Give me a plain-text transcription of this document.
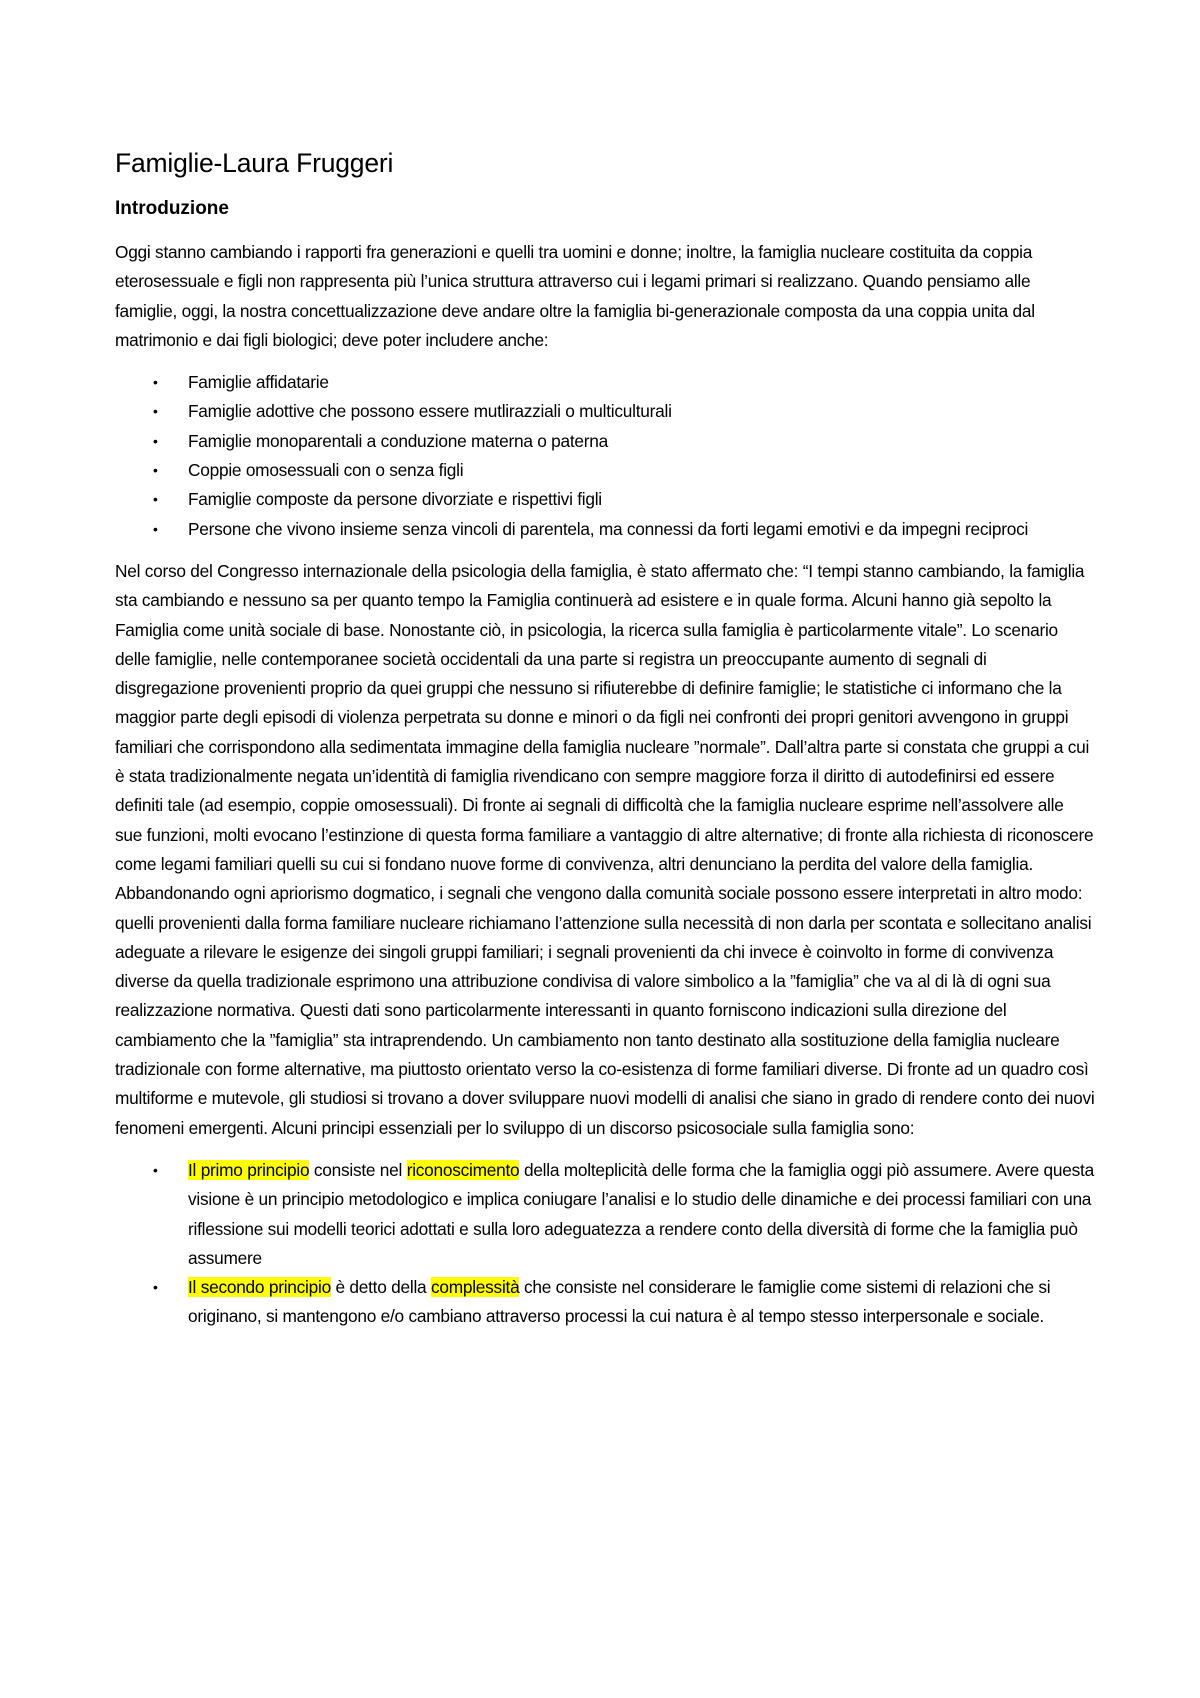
Famiglie-Laura Fruggeri
Introduzione

Oggi stanno cambiando i rapporti fra generazioni e quelli tra uomini e donne; inoltre, la famiglia nucleare costituita da coppia eterosessuale e figli non rappresenta più l’unica struttura attraverso cui i legami primari si realizzano. Quando pensiamo alle famiglie, oggi, la nostra concettualizzazione deve andare oltre la famiglia bi-generazionale composta da una coppia unita dal matrimonio e dai figli biologici; deve poter includere anche:

• Famiglie affidatarie
• Famiglie adottive che possono essere mutlirazziali o multiculturali
• Famiglie monoparentali a conduzione materna o paterna
• Coppie omosessuali con o senza figli
• Famiglie composte da persone divorziate e rispettivi figli
• Persone che vivono insieme senza vincoli di parentela, ma connessi da forti legami emotivi e da impegni reciproci

Nel corso del Congresso internazionale della psicologia della famiglia, è stato affermato che: “I tempi stanno cambiando, la famiglia sta cambiando e nessuno sa per quanto tempo la Famiglia continuerà ad esistere e in quale forma. Alcuni hanno già sepolto la Famiglia come unità sociale di base. Nonostante ciò, in psicologia, la ricerca sulla famiglia è particolarmente vitale”. Lo scenario delle famiglie, nelle contemporanee società occidentali da una parte si registra un preoccupante aumento di segnali di disgregazione provenienti proprio da quei gruppi che nessuno si rifiuterebbe di definire famiglie; le statistiche ci informano che la maggior parte degli episodi di violenza perpetrata su donne e minori o da figli nei confronti dei propri genitori avvengono in gruppi familiari che corrispondono alla sedimentata immagine della famiglia nucleare ”normale”. Dall’altra parte si constata che gruppi a cui è stata tradizionalmente negata un’identità di famiglia rivendicano con sempre maggiore forza il diritto di autodefinirsi ed essere definiti tale (ad esempio, coppie omosessuali). Di fronte ai segnali di difficoltà che la famiglia nucleare esprime nell’assolvere alle sue funzioni, molti evocano l’estinzione di questa forma familiare a vantaggio di altre alternative; di fronte alla richiesta di riconoscere come legami familiari quelli su cui si fondano nuove forme di convivenza, altri denunciano la perdita del valore della famiglia. Abbandonando ogni apriorismo dogmatico, i segnali che vengono dalla comunità sociale possono essere interpretati in altro modo: quelli provenienti dalla forma familiare nucleare richiamano l’attenzione sulla necessità di non darla per scontata e sollecitano analisi adeguate a rilevare le esigenze dei singoli gruppi familiari; i segnali provenienti da chi invece è coinvolto in forme di convivenza diverse da quella tradizionale esprimono una attribuzione condivisa di valore simbolico a la ”famiglia” che va al di là di ogni sua realizzazione normativa. Questi dati sono particolarmente interessanti in quanto forniscono indicazioni sulla direzione del cambiamento che la ”famiglia” sta intraprendendo. Un cambiamento non tanto destinato alla sostituzione della famiglia nucleare tradizionale con forme alternative, ma piuttosto orientato verso la co-esistenza di forme familiari diverse. Di fronte ad un quadro così multiforme e mutevole, gli studiosi si trovano a dover sviluppare nuovi modelli di analisi che siano in grado di rendere conto dei nuovi fenomeni emergenti. Alcuni principi essenziali per lo sviluppo di un discorso psicosociale sulla famiglia sono:

• Il primo principio consiste nel riconoscimento della molteplicità delle forma che la famiglia oggi piò assumere. Avere questa visione è un principio metodologico e implica coniugare l’analisi e lo studio delle dinamiche e dei processi familiari con una riflessione sui modelli teorici adottati e sulla loro adeguatezza a rendere conto della diversità di forme che la famiglia può assumere
• Il secondo principio è detto della complessità che consiste nel considerare le famiglie come sistemi di relazioni che si originano, si mantengono e/o cambiano attraverso processi la cui natura è al tempo stesso interpersonale e sociale.
